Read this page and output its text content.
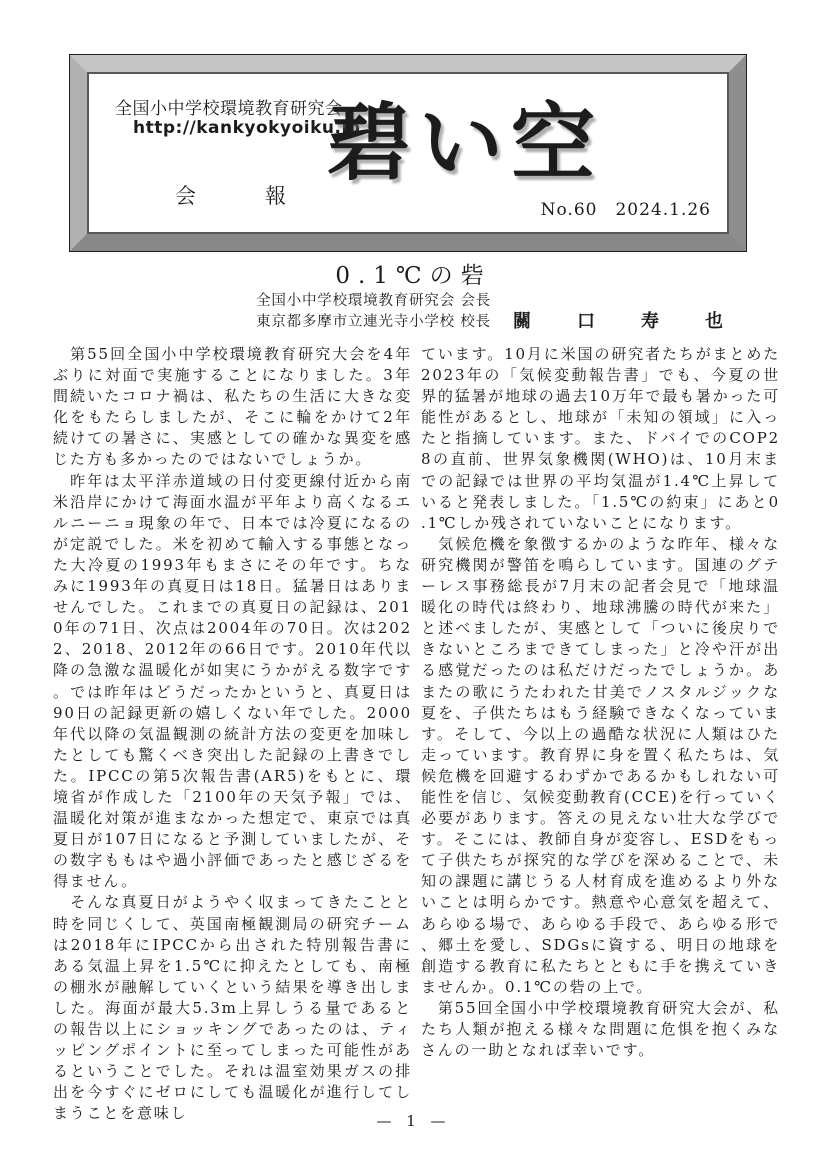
全国小中学校環境教育研究会
http://kankyokyoiku.jp
会　報
碧い空
No.60　2024.1.26
0.1℃の砦
全国小中学校環境教育研究会 会長
東京都多摩市立連光寺小学校 校長 關　口　寿　也

　第55回全国小中学校環境教育研究大会を4年ぶりに対面で実施することになりました。3年間続いたコロナ禍は、私たちの生活に大きな変化をもたらしましたが、そこに輪をかけて2年続けての暑さに、実感としての確かな異変を感じた方も多かったのではないでしょうか。

　昨年は太平洋赤道域の日付変更線付近から南米沿岸にかけて海面水温が平年より高くなるエルニーニョ現象の年で、日本では冷夏になるのが定説でした。米を初めて輸入する事態となった大冷夏の1993年もまさにその年です。ちなみに1993年の真夏日は18日。猛暑日はありませんでした。これまでの真夏日の記録は、2010年の71日、次点は2004年の70日。次は2022、2018、2012年の66日です。2010年代以降の急激な温暖化が如実にうかがえる数字です。では昨年はどうだったかというと、真夏日は90日の記録更新の嬉しくない年でした。2000年代以降の気温観測の統計方法の変更を加味したとしても驚くべき突出した記録の上書きでした。IPCCの第5次報告書(AR5)をもとに、環境省が作成した「2100年の天気予報」では、温暖化対策が進まなかった想定で、東京では真夏日が107日になると予測していましたが、その数字ももはや過小評価であったと感じざるを得ません。

　そんな真夏日がようやく収まってきたことと時を同じくして、英国南極観測局の研究チームは2018年にIPCCから出された特別報告書にある気温上昇を1.5℃に抑えたとしても、南極の棚氷が融解していくという結果を導き出しました。海面が最大5.3m上昇しうる量であるとの報告以上にショッキングであったのは、ティッピングポイントに至ってしまった可能性があるということでした。それは温室効果ガスの排出を今すぐにゼロにしても温暖化が進行してしまうことを意味し

ています。10月に米国の研究者たちがまとめた2023年の「気候変動報告書」でも、今夏の世界的猛暑が地球の過去10万年で最も暑かった可能性があるとし、地球が「未知の領域」に入ったと指摘しています。また、ドバイでのCOP28の直前、世界気象機関(WHO)は、10月末までの記録では世界の平均気温が1.4℃上昇していると発表しました。「1.5℃の約束」にあと0.1℃しか残されていないことになります。

　気候危機を象徴するかのような昨年、様々な研究機関が警笛を鳴らしています。国連のグテーレス事務総長が7月末の記者会見で「地球温暖化の時代は終わり、地球沸騰の時代が来た」と述べましたが、実感として「ついに後戻りできないところまできてしまった」と冷や汗が出る感覚だったのは私だけだったでしょうか。あまたの歌にうたわれた甘美でノスタルジックな夏を、子供たちはもう経験できなくなっています。そして、今以上の過酷な状況に人類はひた走っています。教育界に身を置く私たちは、気候危機を回避するわずかであるかもしれない可能性を信じ、気候変動教育(CCE)を行っていく必要があります。答えの見えない壮大な学びです。そこには、教師自身が変容し、ESDをもって子供たちが探究的な学びを深めることで、未知の課題に講じうる人材育成を進めるより外ないことは明らかです。熱意や心意気を超えて、あらゆる場で、あらゆる手段で、あらゆる形で、郷土を愛し、SDGsに資する、明日の地球を創造する教育に私たちとともに手を携えていきませんか。0.1℃の砦の上で。

　第55回全国小中学校環境教育研究大会が、私たち人類が抱える様々な問題に危惧を抱くみなさんの一助となれば幸いです。

— 1 —
